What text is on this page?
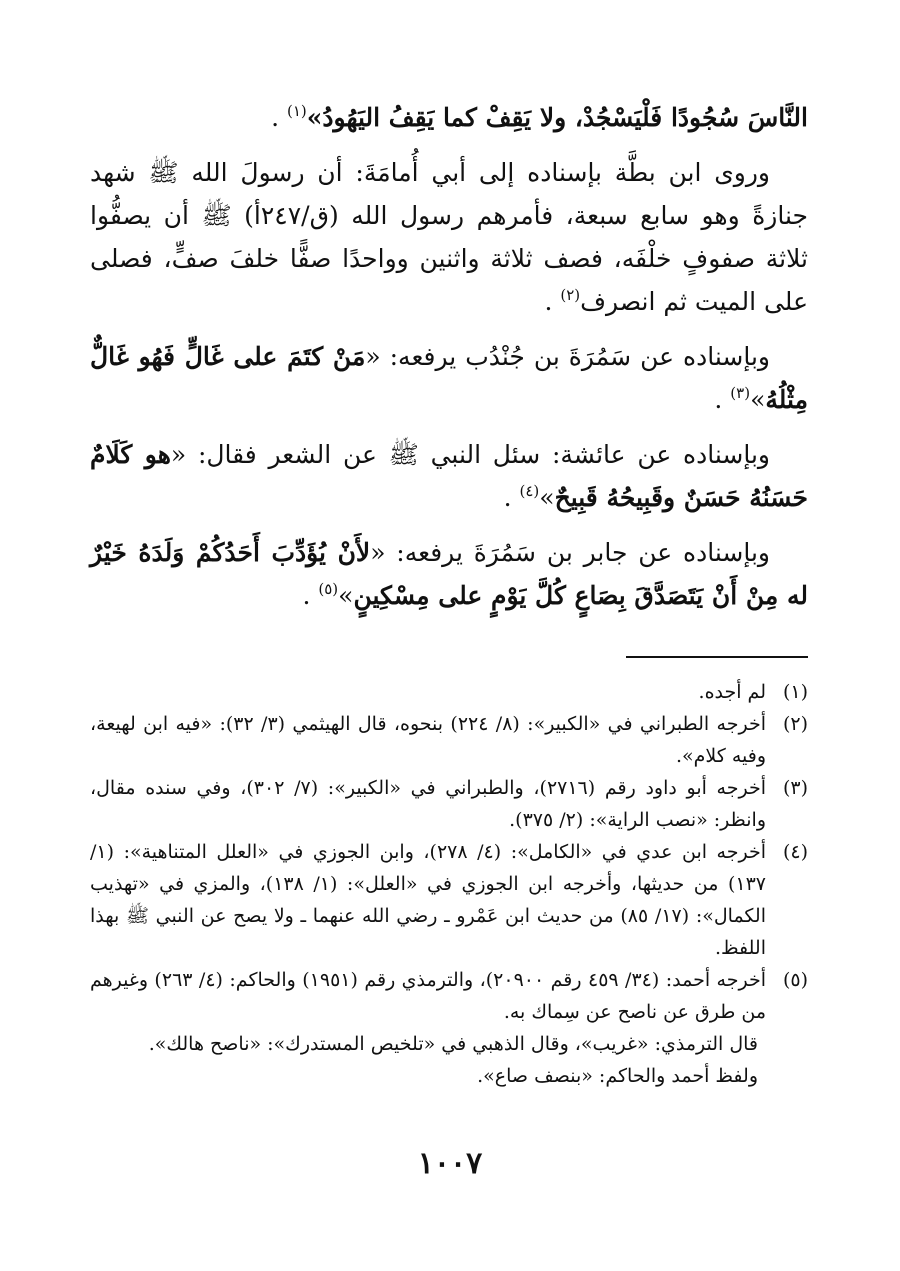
النَّاسَ سُجُودًا فَلْيَسْجُدْ، ولا يَقِفْ كما يَقِفُ اليَهُودُ»$^{(١)}$ .

وروى ابن بطَّة بإسناده إلى أبي أُمامَةَ: أن رسولَ الله ﷺ شهد جنازةً وهو سابع سبعة، فأمرهم رسول الله (ق/٢٤٧أ) ﷺ أن يصفُّوا ثلاثة صفوفٍ خلْفَه، فصف ثلاثة واثنين وواحدًا صفًّا خلفَ صفٍّ، فصلى على الميت ثم انصرف$^{(٢)}$ .

وبإسناده عن سَمُرَةَ بن جُنْدُب يرفعه: «مَنْ كتَمَ على غَالٍّ فَهُو غَالٌّ مِثْلُهُ»$^{(٣)}$ .

وبإسناده عن عائشة: سئل النبي ﷺ عن الشعر فقال: «هو كَلَامٌ حَسَنُهُ حَسَنٌ وقَبِيحُهُ قَبِيحٌ»$^{(٤)}$ .

وبإسناده عن جابر بن سَمُرَةَ يرفعه: «لأَنْ يُؤَدِّبَ أَحَدُكُمْ وَلَدَهُ خَيْرٌ له مِنْ أَنْ يَتَصَدَّقَ بِصَاعٍ كُلَّ يَوْمٍ على مِسْكِينٍ»$^{(٥)}$ .

(١)
لم أجده.
(٢)
أخرجه الطبراني في «الكبير»: (٨/ ٢٢٤) بنحوه، قال الهيثمي (٣/ ٣٢): «فيه ابن لهيعة، وفيه كلام».
(٣)
أخرجه أبو داود رقم (٢٧١٦)، والطبراني في «الكبير»: (٧/ ٣٠٢)، وفي سنده مقال، وانظر: «نصب الراية»: (٢/ ٣٧٥).
(٤)
أخرجه ابن عدي في «الكامل»: (٤/ ٢٧٨)، وابن الجوزي في «العلل المتناهية»: (١/ ١٣٧) من حديثها، وأخرجه ابن الجوزي في «العلل»: (١/ ١٣٨)، والمزي في «تهذيب الكمال»: (١٧/ ٨٥) من حديث ابن عَمْرو ـ رضي الله عنهما ـ ولا يصح عن النبي ﷺ بهذا اللفظ.
(٥)
أخرجه أحمد: (٣٤/ ٤٥٩ رقم ٢٠٩٠٠)، والترمذي رقم (١٩٥١) والحاكم: (٤/ ٢٦٣) وغيرهم من طرق عن ناصح عن سِماك به.
قال الترمذي: «غريب»، وقال الذهبي في «تلخيص المستدرك»: «ناصح هالك».
ولفظ أحمد والحاكم: «بنصف صاع».
١٠٠٧
